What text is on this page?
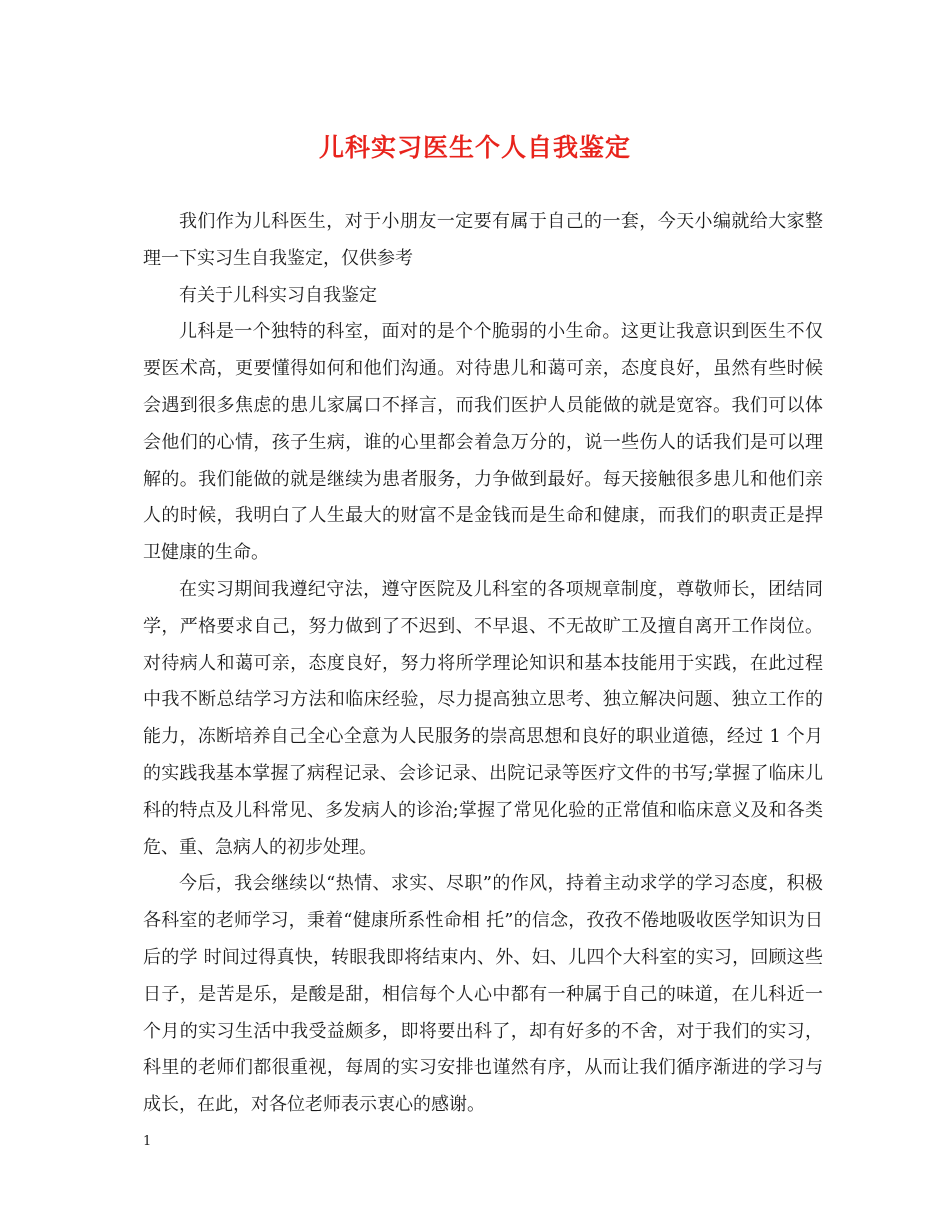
儿科实习医生个人自我鉴定

我们作为儿科医生，对于小朋友一定要有属于自己的一套，今天小编就给大家整理一下实习生自我鉴定，仅供参考

有关于儿科实习自我鉴定

儿科是一个独特的科室，面对的是个个脆弱的小生命。这更让我意识到医生不仅要医术高，更要懂得如何和他们沟通。对待患儿和蔼可亲，态度良好，虽然有些时候会遇到很多焦虑的患儿家属口不择言，而我们医护人员能做的就是宽容。我们可以体会他们的心情，孩子生病，谁的心里都会着急万分的，说一些伤人的话我们是可以理解的。我们能做的就是继续为患者服务，力争做到最好。每天接触很多患儿和他们亲人的时候，我明白了人生最大的财富不是金钱而是生命和健康，而我们的职责正是捍卫健康的生命。

在实习期间我遵纪守法，遵守医院及儿科室的各项规章制度，尊敬师长，团结同学，严格要求自己，努力做到了不迟到、不早退、不无故旷工及擅自离开工作岗位。对待病人和蔼可亲，态度良好，努力将所学理论知识和基本技能用于实践，在此过程中我不断总结学习方法和临床经验，尽力提高独立思考、独立解决问题、独立工作的能力，冻断培养自己全心全意为人民服务的崇高思想和良好的职业道德，经过 1 个月的实践我基本掌握了病程记录、会诊记录、出院记录等医疗文件的书写;掌握了临床儿科的特点及儿科常见、多发病人的诊治;掌握了常见化验的正常值和临床意义及和各类危、重、急病人的初步处理。

今后，我会继续以“热情、求实、尽职”的作风，持着主动求学的学习态度，积极各科室的老师学习，秉着“健康所系性命相 托”的信念，孜孜不倦地吸收医学知识为日后的学 时间过得真快，转眼我即将结束内、外、妇、儿四个大科室的实习，回顾这些日子，是苦是乐，是酸是甜，相信每个人心中都有一种属于自己的味道，在儿科近一个月的实习生活中我受益颇多，即将要出科了，却有好多的不舍，对于我们的实习，科里的老师们都很重视，每周的实习安排也谨然有序，从而让我们循序渐进的学习与成长，在此，对各位老师表示衷心的感谢。

1
